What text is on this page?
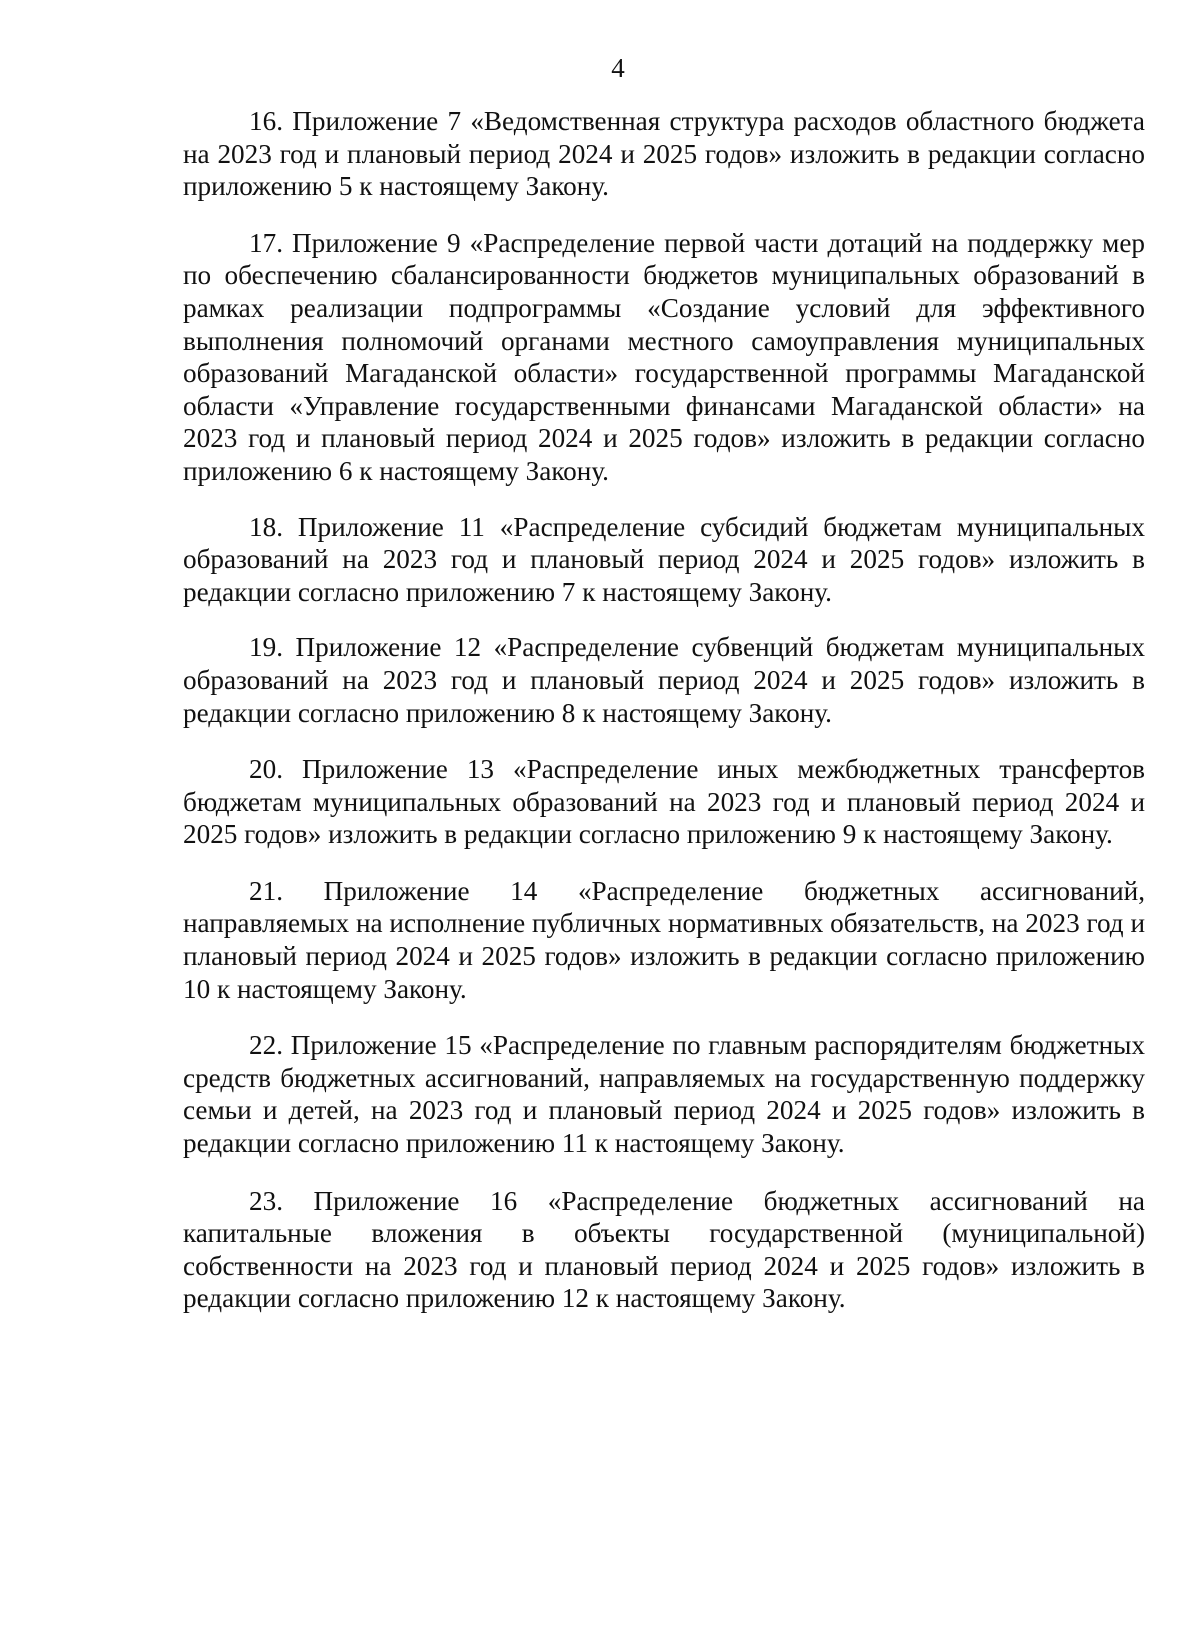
4

16. Приложение 7 «Ведомственная структура расходов областного бюджета на 2023 год и плановый период 2024 и 2025 годов» изложить в редакции согласно приложению 5 к настоящему Закону.

17. Приложение 9 «Распределение первой части дотаций на поддержку мер по обеспечению сбалансированности бюджетов муниципальных образований в рамках реализации подпрограммы «Создание условий для эффективного выполнения полномочий органами местного самоуправления муниципальных образований Магаданской области» государственной программы Магаданской области «Управление государственными финансами Магаданской области» на 2023 год и плановый период 2024 и 2025 годов» изложить в редакции согласно приложению 6 к настоящему Закону.

18. Приложение 11 «Распределение субсидий бюджетам муниципальных образований на 2023 год и плановый период 2024 и 2025 годов» изложить в редакции согласно приложению 7 к настоящему Закону.

19. Приложение 12 «Распределение субвенций бюджетам муниципальных образований на 2023 год и плановый период 2024 и 2025 годов» изложить в редакции согласно приложению 8 к настоящему Закону.

20. Приложение 13 «Распределение иных межбюджетных трансфертов бюджетам муниципальных образований на 2023 год и плановый период 2024 и 2025 годов» изложить в редакции согласно приложению 9 к настоящему Закону.

21. Приложение 14 «Распределение бюджетных ассигнований, направляемых на исполнение публичных нормативных обязательств, на 2023 год и плановый период 2024 и 2025 годов» изложить в редакции согласно приложению 10 к настоящему Закону.

22. Приложение 15 «Распределение по главным распорядителям бюджетных средств бюджетных ассигнований, направляемых на государственную поддержку семьи и детей, на 2023 год и плановый период 2024 и 2025 годов» изложить в редакции согласно приложению 11 к настоящему Закону.

23. Приложение 16 «Распределение бюджетных ассигнований на капитальные вложения в объекты государственной (муниципальной) собственности на 2023 год и плановый период 2024 и 2025 годов» изложить в редакции согласно приложению 12 к настоящему Закону.
